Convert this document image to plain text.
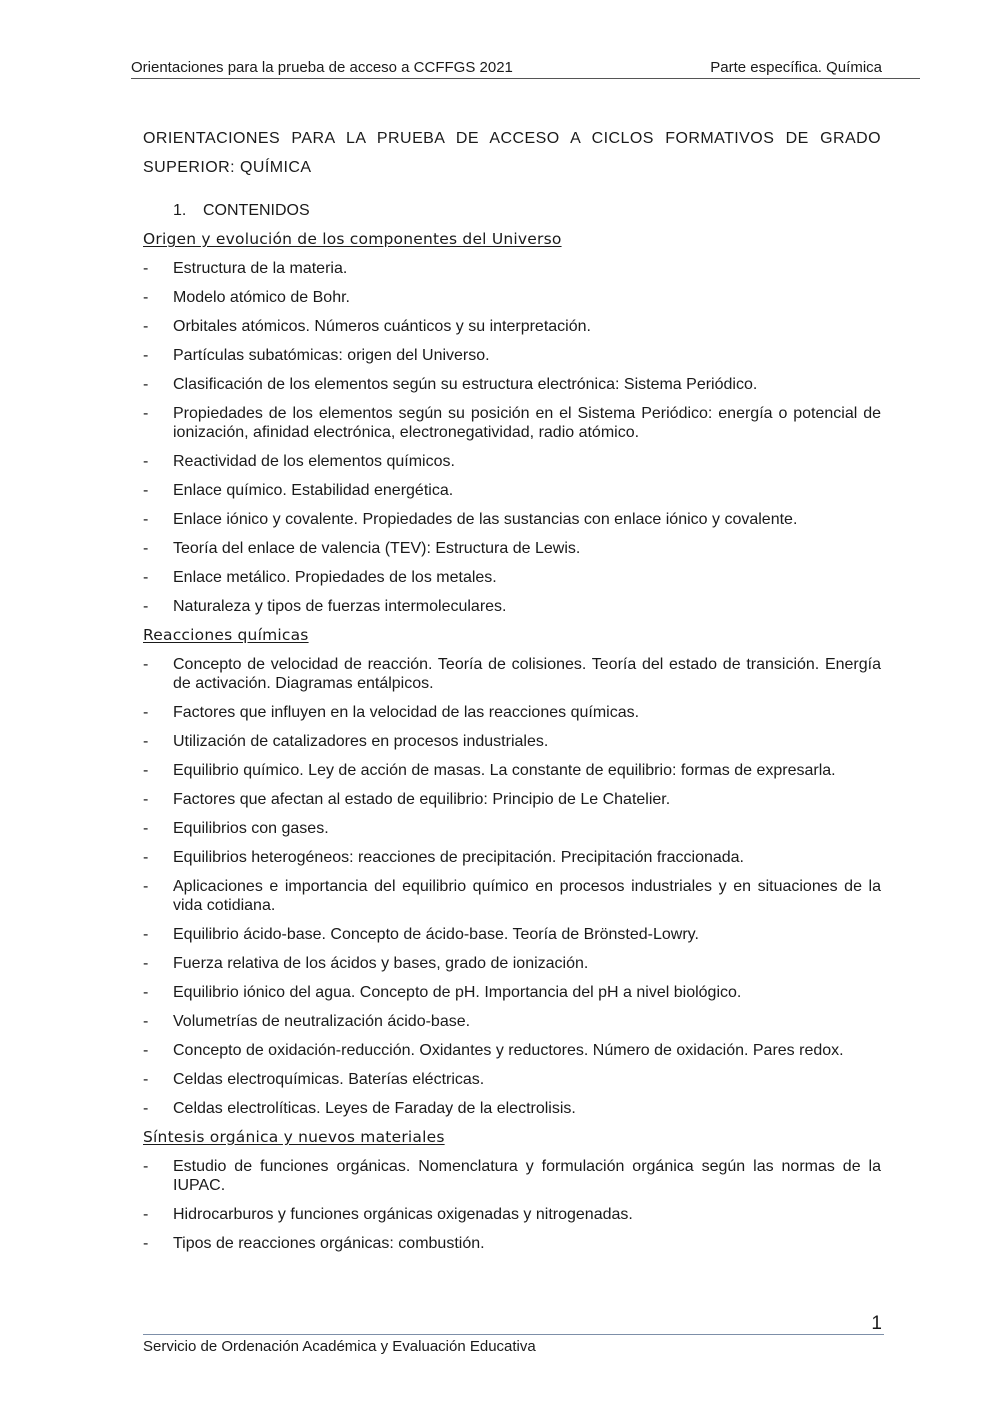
Orientaciones para la prueba de acceso a CCFFGS 2021	Parte específica. Química
ORIENTACIONES PARA LA PRUEBA DE ACCESO A CICLOS FORMATIVOS DE GRADO SUPERIOR: QUÍMICA
1. CONTENIDOS
Origen y evolución de los componentes del Universo
- Estructura de la materia.
- Modelo atómico de Bohr.
- Orbitales atómicos. Números cuánticos y su interpretación.
- Partículas subatómicas: origen del Universo.
- Clasificación de los elementos según su estructura electrónica: Sistema Periódico.
- Propiedades de los elementos según su posición en el Sistema Periódico: energía o potencial de ionización, afinidad electrónica, electronegatividad, radio atómico.
- Reactividad de los elementos químicos.
- Enlace químico. Estabilidad energética.
- Enlace iónico y covalente. Propiedades de las sustancias con enlace iónico y covalente.
- Teoría del enlace de valencia (TEV): Estructura de Lewis.
- Enlace metálico. Propiedades de los metales.
- Naturaleza y tipos de fuerzas intermoleculares.
Reacciones químicas
- Concepto de velocidad de reacción. Teoría de colisiones. Teoría del estado de transición. Energía de activación. Diagramas entálpicos.
- Factores que influyen en la velocidad de las reacciones químicas.
- Utilización de catalizadores en procesos industriales.
- Equilibrio químico. Ley de acción de masas. La constante de equilibrio: formas de expresarla.
- Factores que afectan al estado de equilibrio: Principio de Le Chatelier.
- Equilibrios con gases.
- Equilibrios heterogéneos: reacciones de precipitación. Precipitación fraccionada.
- Aplicaciones e importancia del equilibrio químico en procesos industriales y en situaciones de la vida cotidiana.
- Equilibrio ácido-base. Concepto de ácido-base. Teoría de Brönsted-Lowry.
- Fuerza relativa de los ácidos y bases, grado de ionización.
- Equilibrio iónico del agua. Concepto de pH. Importancia del pH a nivel biológico.
- Volumetrías de neutralización ácido-base.
- Concepto de oxidación-reducción. Oxidantes y reductores. Número de oxidación. Pares redox.
- Celdas electroquímicas. Baterías eléctricas.
- Celdas electrolíticas. Leyes de Faraday de la electrolisis.
Síntesis orgánica y nuevos materiales
- Estudio de funciones orgánicas. Nomenclatura y formulación orgánica según las normas de la IUPAC.
- Hidrocarburos y funciones orgánicas oxigenadas y nitrogenadas.
- Tipos de reacciones orgánicas: combustión.
1
Servicio de Ordenación Académica y Evaluación Educativa
